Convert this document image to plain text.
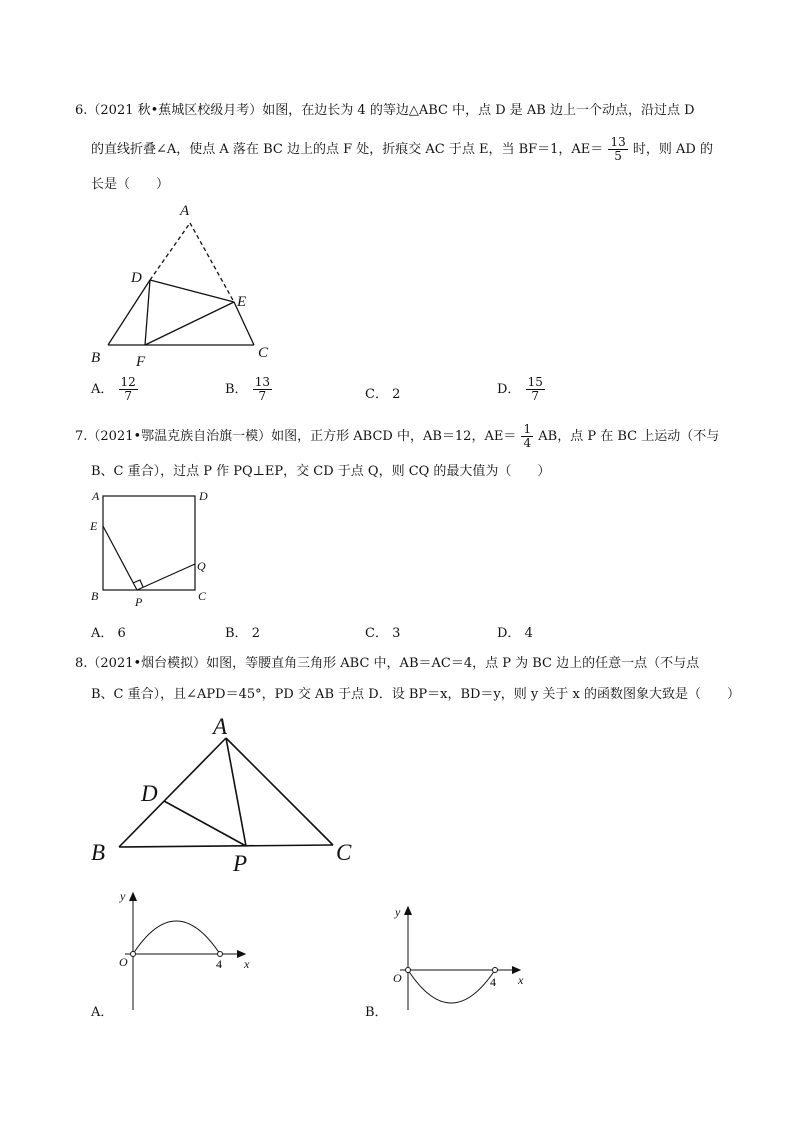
6.（2021 秋•蕉城区校级月考）如图，在边长为 4 的等边△ABC 中，点 D 是 AB 边上一个动点，沿过点 D
的直线折叠∠A，使点 A 落在 BC 边上的点 F 处，折痕交 AC 于点 E，当 BF＝1，$AE= \frac{13}{5}$ 时，则 AD 的
长是（　　）
A
D
E
B F
C
A． $\frac{12}{7}$	B． $\frac{13}{7}$	C． 2	D． $\frac{15}{7}$
7.（2021•鄂温克族自治旗一模）如图，正方形 ABCD 中，AB＝12，$AE= \frac{1}{4}$ AB，点 P 在 BC 上运动（不与
B、C 重合），过点 P 作 PQ⊥EP，交 CD 于点 Q，则 CQ 的最大值为（　　）
A	D
E
Q
B	P	C
A． 6	B． 2	C． 3	D． 4
8.（2021•烟台模拟）如图，等腰直角三角形 ABC 中，AB＝AC＝4，点 P 为 BC 边上的任意一点（不与点
B、C 重合），且∠APD＝45°，PD 交 AB 于点 D．设 BP＝x，BD＝y，则 y 关于 x 的函数图象大致是（　　）
A
D
B	P	C
y
O	4 x
A．
y
O	4 x
B．
